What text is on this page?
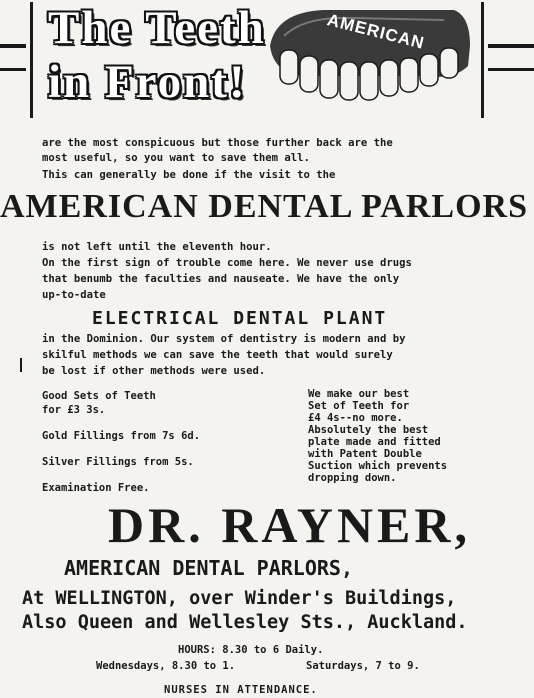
The Teeth
in Front!
AMERICAN
are the most conspicuous but those further back are the
most useful, so you want to save them all.
This can generally be done if the visit to the
AMERICAN DENTAL PARLORS
is not left until the eleventh hour.
On the first sign of trouble come here. We never use drugs
that benumb the faculties and nauseate. We have the only
up-to-date
ELECTRICAL DENTAL PLANT
in the Dominion. Our system of dentistry is modern and by
skilful methods we can save the teeth that would surely
be lost if other methods were used.
Good Sets of Teeth
for £3 3s.
Gold Fillings from 7s 6d.
Silver Fillings from 5s.
Examination Free.
We make our best
Set of Teeth for
£4 4s--no more.
Absolutely the best
plate made and fitted
with Patent Double
Suction which prevents
dropping down.
DR. RAYNER,
AMERICAN DENTAL PARLORS,
At WELLINGTON, over Winder's Buildings,
Also Queen and Wellesley Sts., Auckland.
HOURS: 8.30 to 6 Daily.
Wednesdays, 8.30 to 1.	Saturdays, 7 to 9.
NURSES IN ATTENDANCE.
